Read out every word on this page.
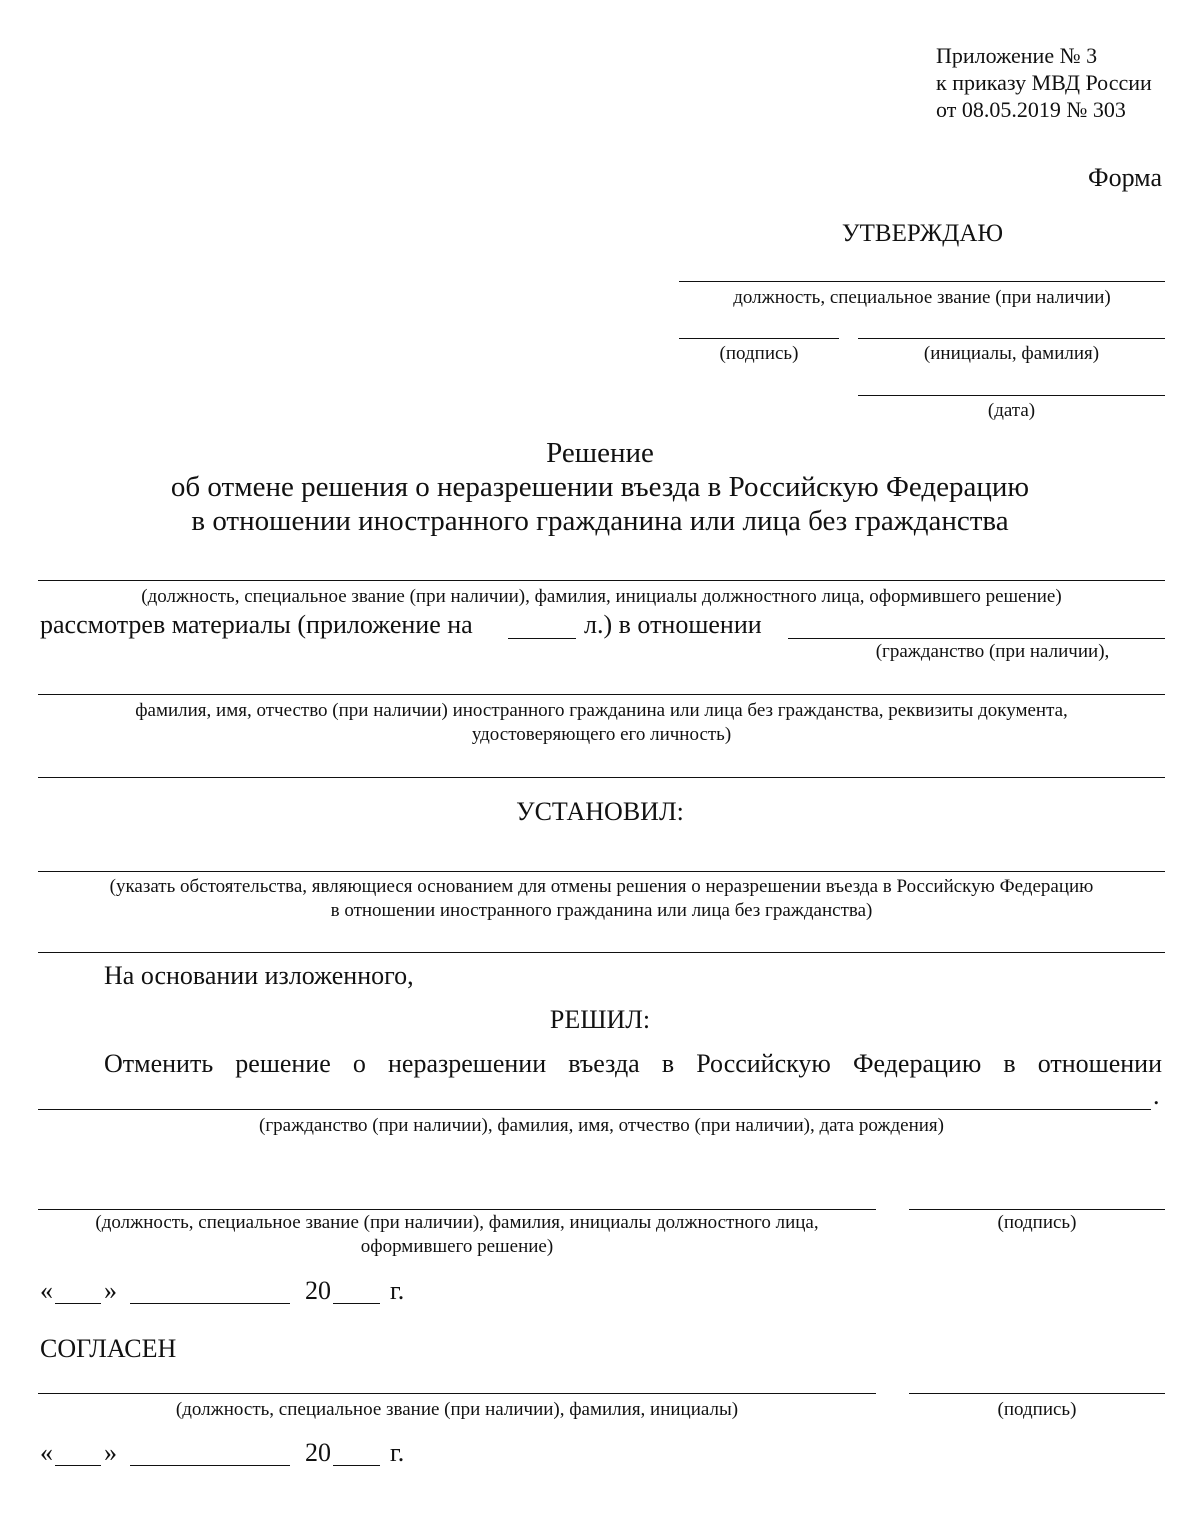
Приложение № 3
к приказу МВД России
от 08.05.2019 № 303
Форма
УТВЕРЖДАЮ
должность, специальное звание (при наличии)
(подпись)	(инициалы, фамилия)
(дата)
Решение
об отмене решения о неразрешении въезда в Российскую Федерацию
в отношении иностранного гражданина или лица без гражданства
(должность, специальное звание (при наличии), фамилия, инициалы должностного лица, оформившего решение)
рассмотрев материалы (приложение на	л.) в отношении
(гражданство (при наличии),
фамилия, имя, отчество (при наличии) иностранного гражданина или лица без гражданства, реквизиты документа,
удостоверяющего его личность)
УСТАНОВИЛ:
(указать обстоятельства, являющиеся основанием для отмены решения о неразрешении въезда в Российскую Федерацию
в отношении иностранного гражданина или лица без гражданства)
На основании изложенного,
РЕШИЛ:
Отменить решение о неразрешении въезда в Российскую Федерацию в отношении
.
(гражданство (при наличии), фамилия, имя, отчество (при наличии), дата рождения)
(должность, специальное звание (при наличии), фамилия, инициалы должностного лица,
оформившего решение)
(подпись)
« »	20 г.
СОГЛАСЕН
(должность, специальное звание (при наличии), фамилия, инициалы)	(подпись)
« »	20 г.
